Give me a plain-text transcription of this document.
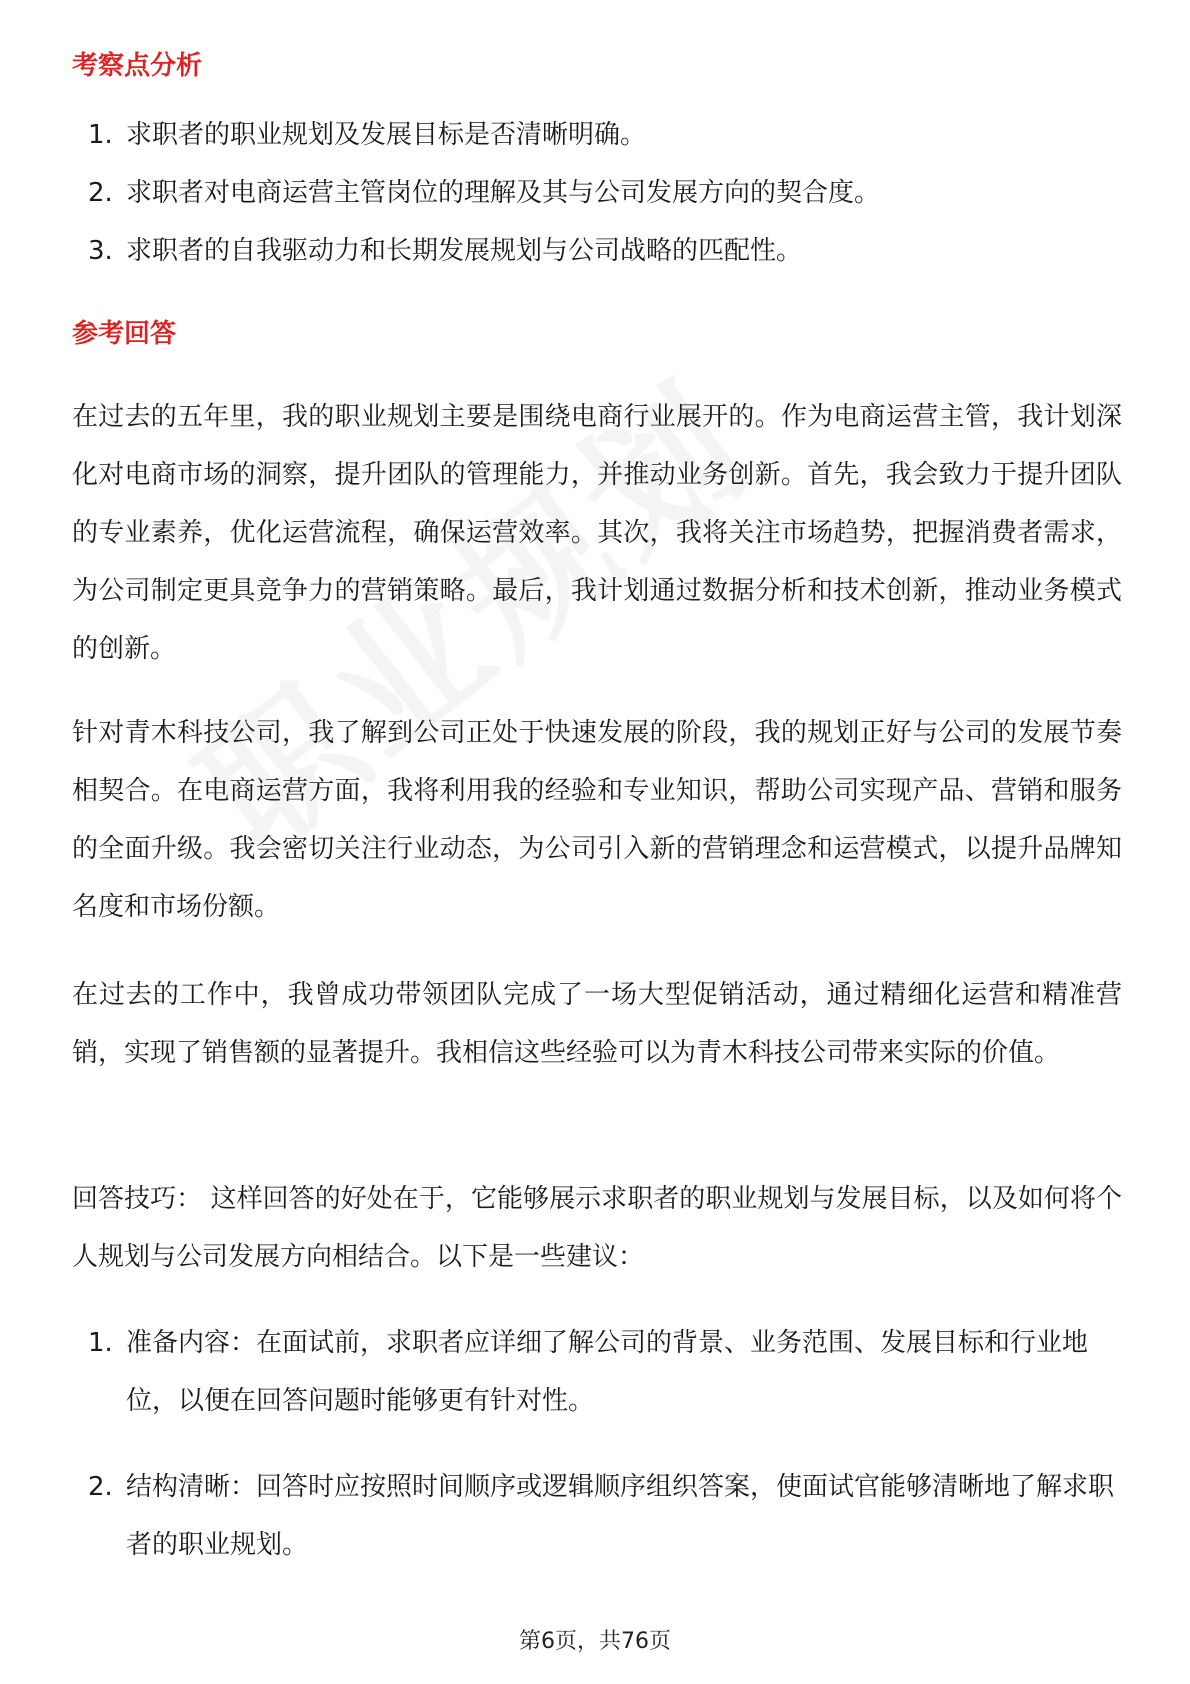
考察点分析
1. 求职者的职业规划及发展目标是否清晰明确。
2. 求职者对电商运营主管岗位的理解及其与公司发展方向的契合度。
3. 求职者的自我驱动力和长期发展规划与公司战略的匹配性。
参考回答

在过去的五年里，我的职业规划主要是围绕电商行业展开的。作为电商运营主管，我计划深化对电商市场的洞察，提升团队的管理能力，并推动业务创新。首先，我会致力于提升团队的专业素养，优化运营流程，确保运营效率。其次，我将关注市场趋势，把握消费者需求，为公司制定更具竞争力的营销策略。最后，我计划通过数据分析和技术创新，推动业务模式的创新。

针对青木科技公司，我了解到公司正处于快速发展的阶段，我的规划正好与公司的发展节奏相契合。在电商运营方面，我将利用我的经验和专业知识，帮助公司实现产品、营销和服务的全面升级。我会密切关注行业动态，为公司引入新的营销理念和运营模式，以提升品牌知名度和市场份额。

在过去的工作中，我曾成功带领团队完成了一场大型促销活动，通过精细化运营和精准营销，实现了销售额的显著提升。我相信这些经验可以为青木科技公司带来实际的价值。

回答技巧： 这样回答的好处在于，它能够展示求职者的职业规划与发展目标，以及如何将个人规划与公司发展方向相结合。以下是一些建议：

1. 准备内容：在面试前，求职者应详细了解公司的背景、业务范围、发展目标和行业地位，以便在回答问题时能够更有针对性。
2. 结构清晰：回答时应按照时间顺序或逻辑顺序组织答案，使面试官能够清晰地了解求职者的职业规划。
第6页，共76页
